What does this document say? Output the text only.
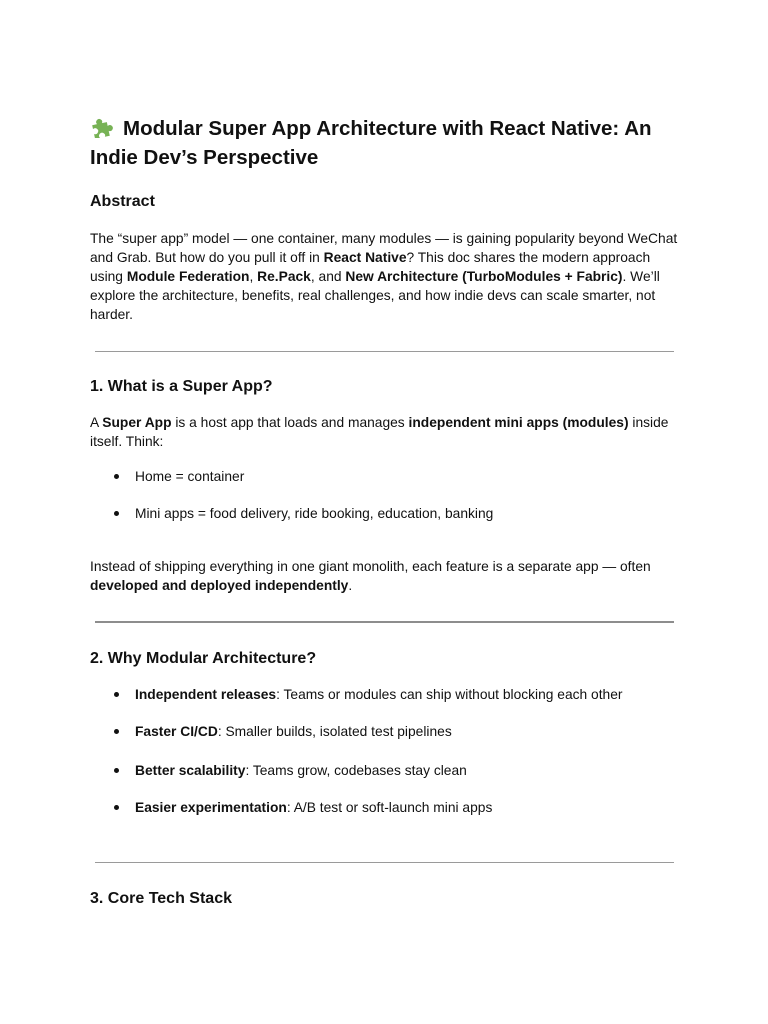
Modular Super App Architecture with React Native: An Indie Dev’s Perspective
Abstract

The “super app” model — one container, many modules — is gaining popularity beyond WeChat and Grab. But how do you pull it off in React Native? This doc shares the modern approach using Module Federation, Re.Pack, and New Architecture (TurboModules + Fabric). We’ll explore the architecture, benefits, real challenges, and how indie devs can scale smarter, not harder.

1. What is a Super App?

A Super App is a host app that loads and manages independent mini apps (modules) inside itself. Think:

Home = container
Mini apps = food delivery, ride booking, education, banking

Instead of shipping everything in one giant monolith, each feature is a separate app — often developed and deployed independently.

2. Why Modular Architecture?
Independent releases: Teams or modules can ship without blocking each other
Faster CI/CD: Smaller builds, isolated test pipelines
Better scalability: Teams grow, codebases stay clean
Easier experimentation: A/B test or soft-launch mini apps
3. Core Tech Stack
